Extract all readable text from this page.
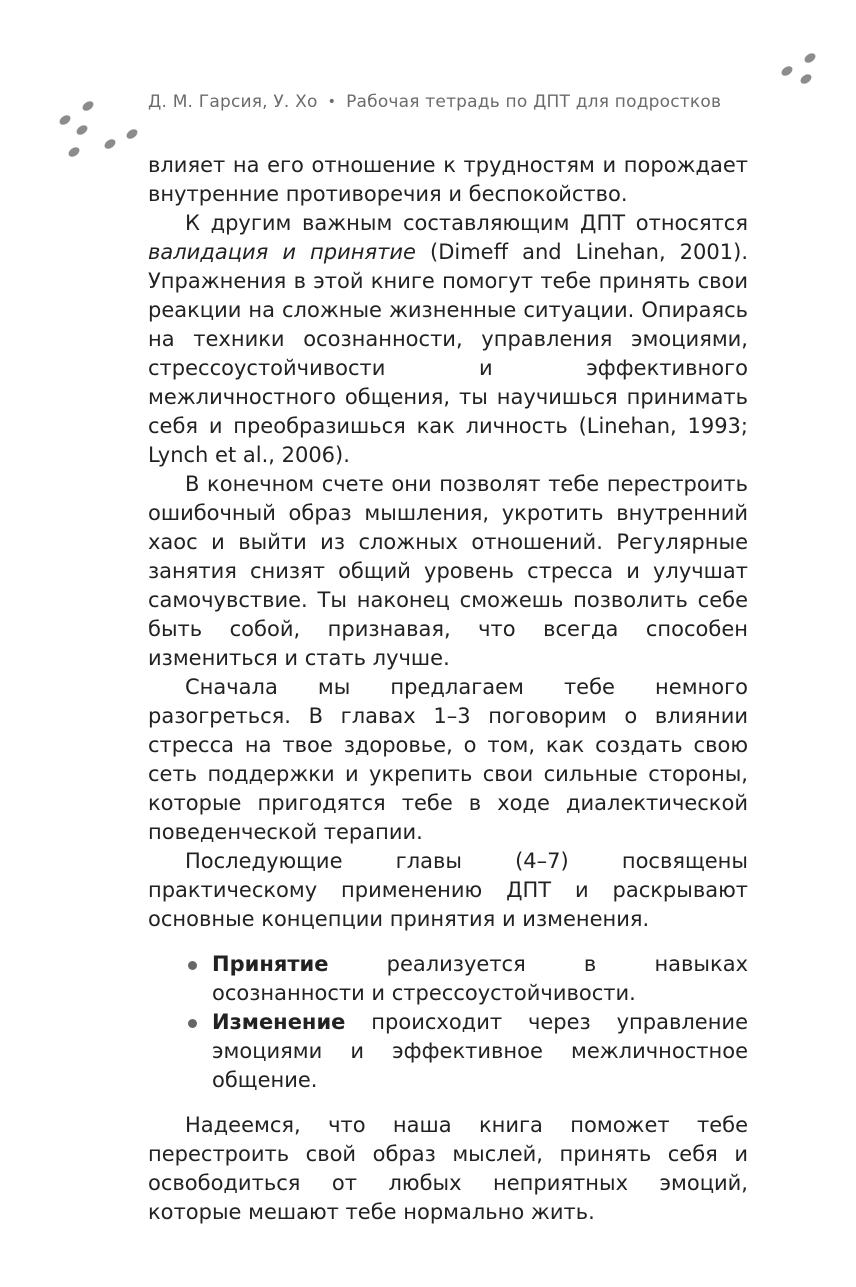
Д. М. Гарсия, У. Хо • Рабочая тетрадь по ДПТ для подростков

влияет на его отношение к трудностям и порождает внутренние противоречия и беспокойство.

К другим важным составляющим ДПТ относятся валидация и принятие (Dimeff and Linehan, 2001). Упражнения в этой книге помогут тебе принять свои реакции на сложные жизненные ситуации. Опираясь на техники осознанности, управления эмоциями, стрессоустойчивости и эффективного межличностного общения, ты научишься принимать себя и преобразишься как личность (Linehan, 1993; Lynch et al., 2006).

В конечном счете они позволят тебе перестроить ошибочный образ мышления, укротить внутренний хаос и выйти из сложных отношений. Регулярные занятия снизят общий уровень стресса и улучшат самочувствие. Ты наконец сможешь позволить себе быть собой, признавая, что всегда способен измениться и стать лучше.

Сначала мы предлагаем тебе немного разогреться. В главах 1–3 поговорим о влиянии стресса на твое здоровье, о том, как создать свою сеть поддержки и укрепить свои сильные стороны, которые пригодятся тебе в ходе диалектической поведенческой терапии.

Последующие главы (4–7) посвящены практическому применению ДПТ и раскрывают основные концепции принятия и изменения.

Принятие реализуется в навыках осознанности и стрессоустойчивости.
Изменение происходит через управление эмоциями и эффективное межличностное общение.

Надеемся, что наша книга поможет тебе перестроить свой образ мыслей, принять себя и освободиться от любых неприятных эмоций, которые мешают тебе нормально жить.
